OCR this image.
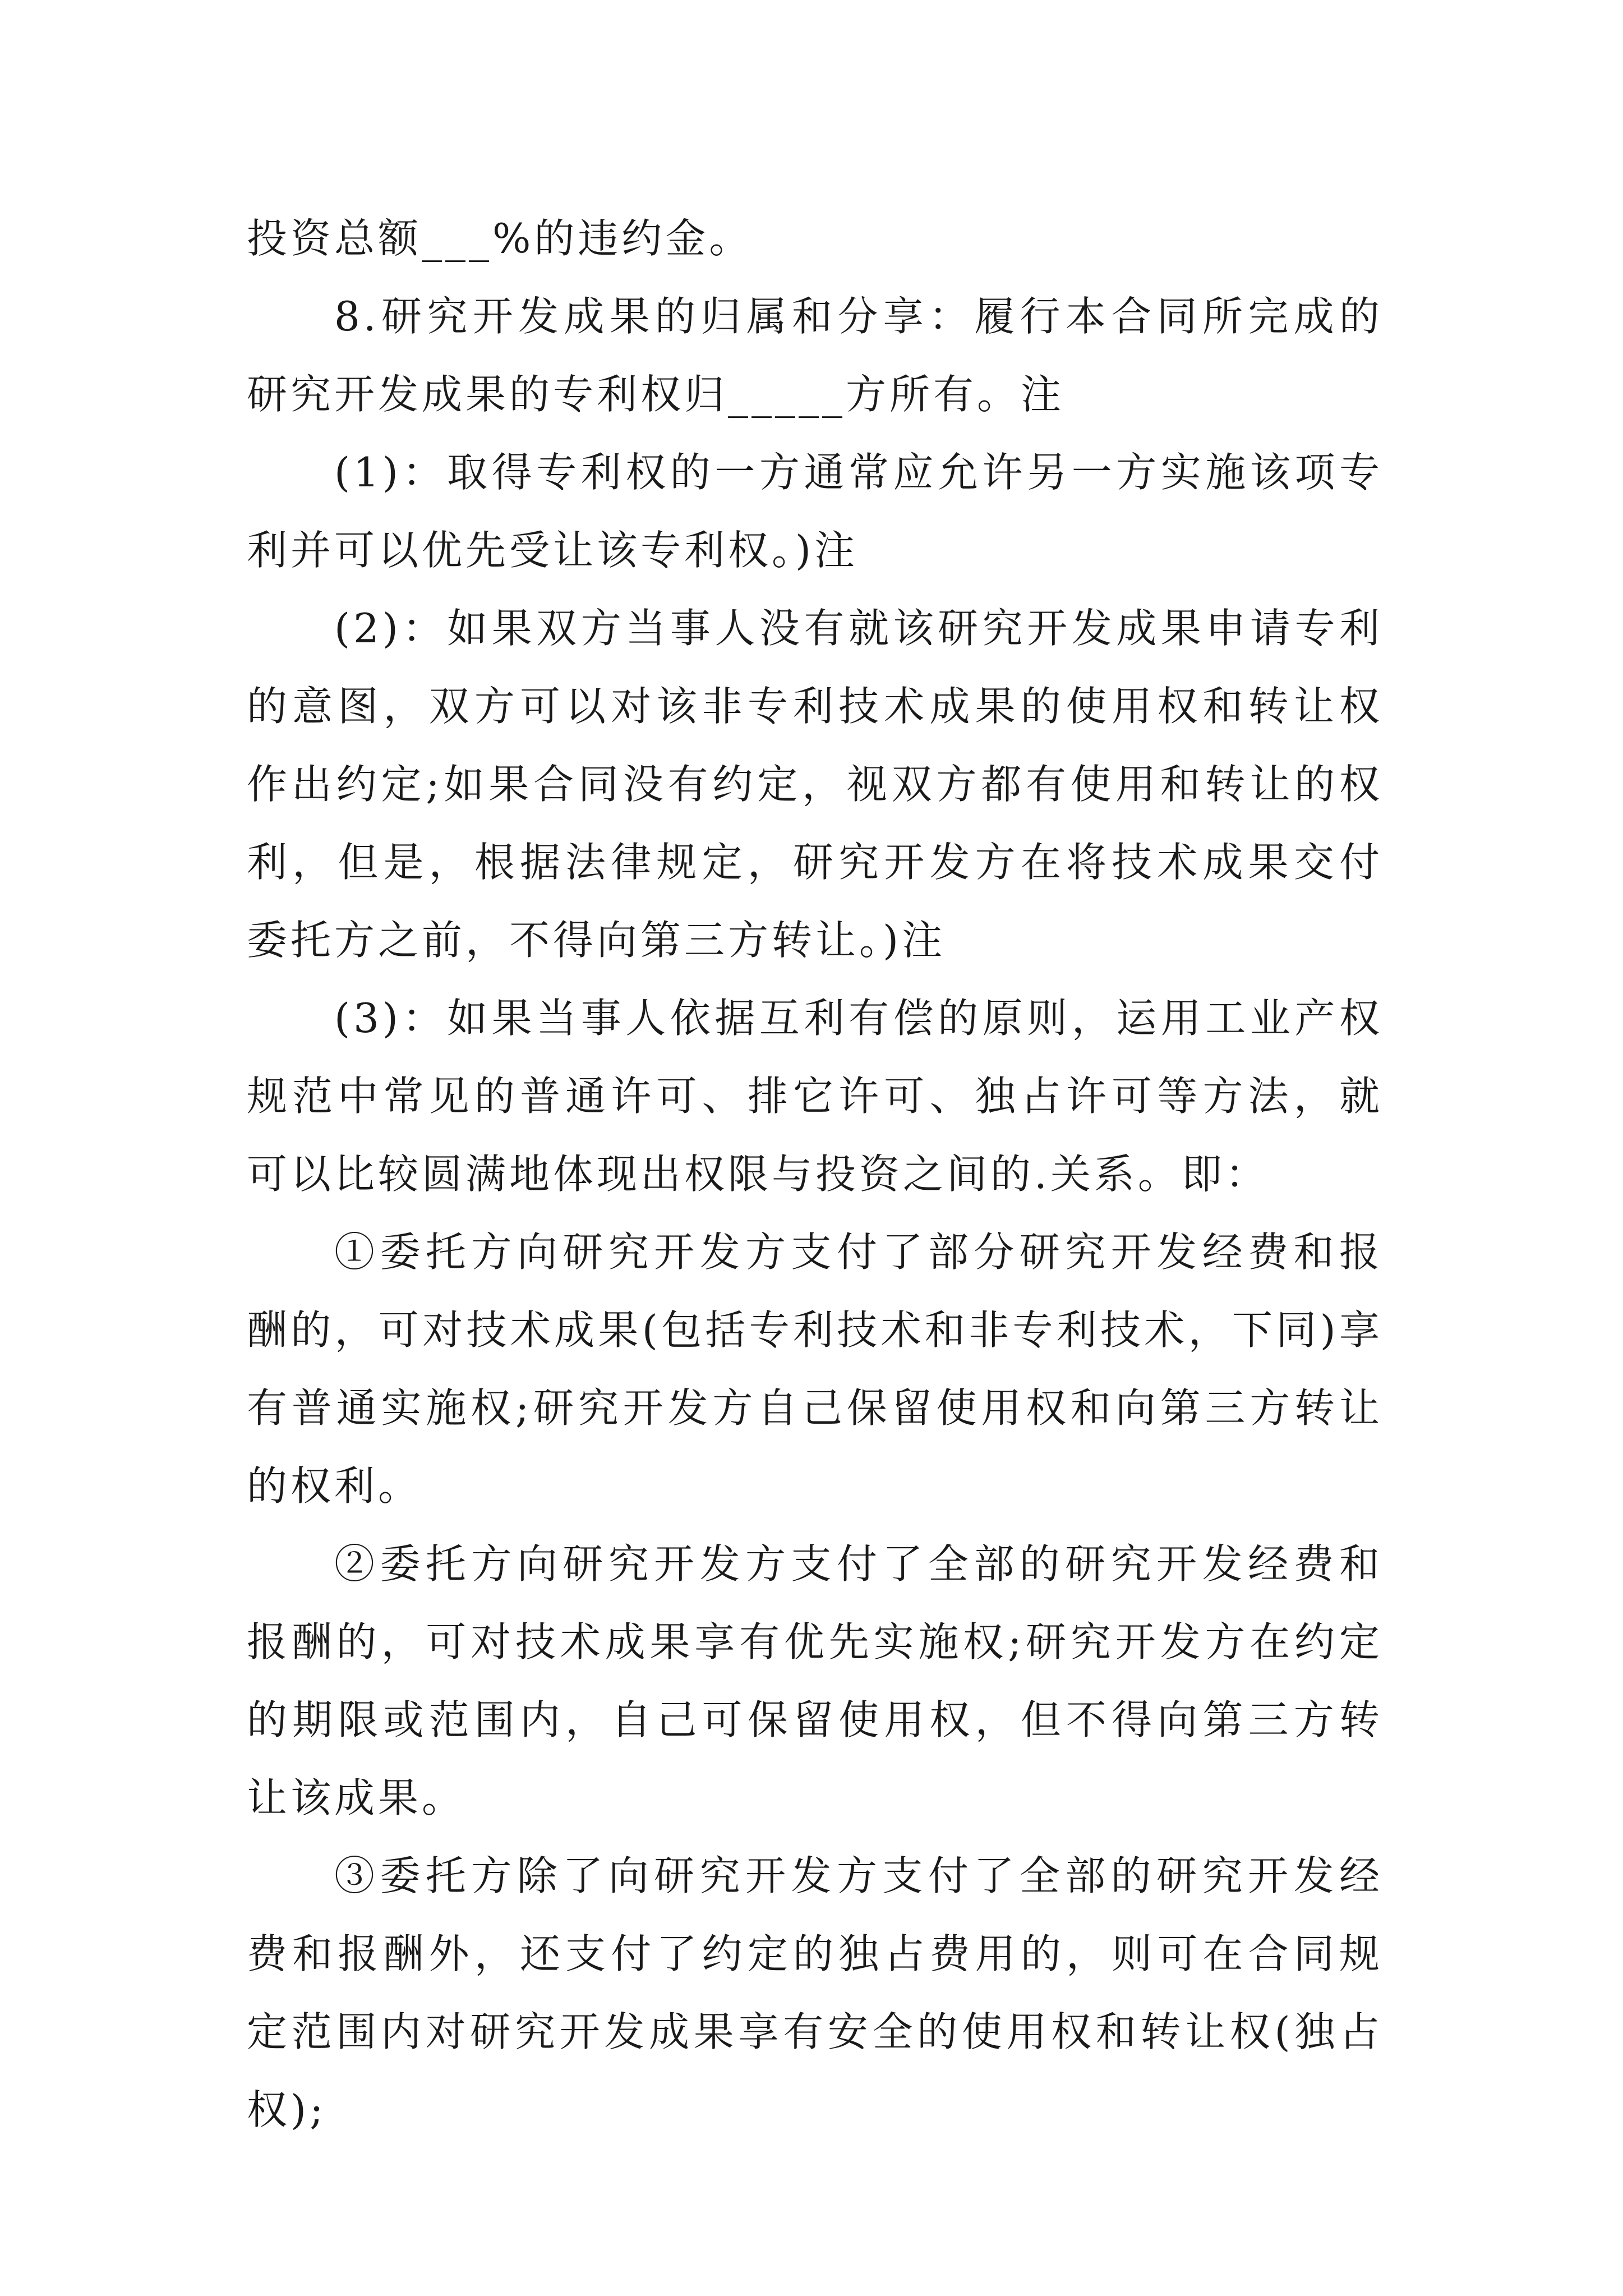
投资总额___%的违约金。

8.研究开发成果的归属和分享：履行本合同所完成的研究开发成果的专利权归_____方所有。注

(1)：取得专利权的一方通常应允许另一方实施该项专利并可以优先受让该专利权。)注

(2)：如果双方当事人没有就该研究开发成果申请专利的意图，双方可以对该非专利技术成果的使用权和转让权作出约定;如果合同没有约定，视双方都有使用和转让的权利，但是，根据法律规定，研究开发方在将技术成果交付委托方之前，不得向第三方转让。)注

(3)：如果当事人依据互利有偿的原则，运用工业产权规范中常见的普通许可、排它许可、独占许可等方法，就可以比较圆满地体现出权限与投资之间的.关系。即：

①委托方向研究开发方支付了部分研究开发经费和报酬的，可对技术成果(包括专利技术和非专利技术，下同)享有普通实施权;研究开发方自己保留使用权和向第三方转让的权利。

②委托方向研究开发方支付了全部的研究开发经费和报酬的，可对技术成果享有优先实施权;研究开发方在约定的期限或范围内，自己可保留使用权，但不得向第三方转让该成果。

③委托方除了向研究开发方支付了全部的研究开发经费和报酬外，还支付了约定的独占费用的，则可在合同规定范围内对研究开发成果享有安全的使用权和转让权(独占权);
